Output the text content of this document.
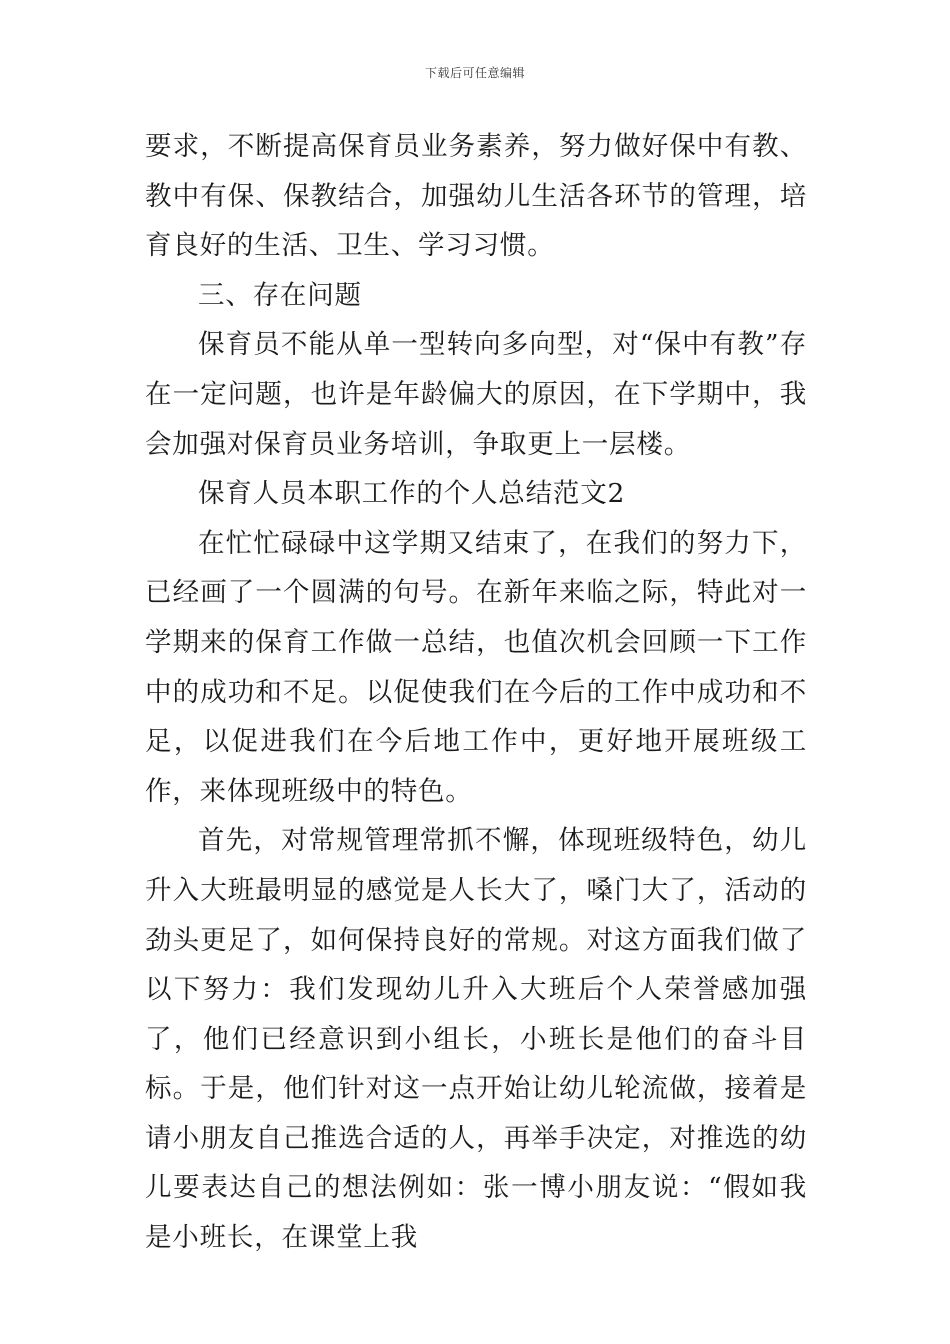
下载后可任意编辑

要求，不断提高保育员业务素养，努力做好保中有教、教中有保、保教结合，加强幼儿生活各环节的管理，培育良好的生活、卫生、学习习惯。

三、存在问题

保育员不能从单一型转向多向型，对“保中有教”存在一定问题，也许是年龄偏大的原因，在下学期中，我会加强对保育员业务培训，争取更上一层楼。

保育人员本职工作的个人总结范文2

在忙忙碌碌中这学期又结束了，在我们的努力下，已经画了一个圆满的句号。在新年来临之际，特此对一学期来的保育工作做一总结，也值次机会回顾一下工作中的成功和不足。以促使我们在今后的工作中成功和不足，以促进我们在今后地工作中，更好地开展班级工作，来体现班级中的特色。

首先，对常规管理常抓不懈，体现班级特色，幼儿升入大班最明显的感觉是人长大了，嗓门大了，活动的劲头更足了，如何保持良好的常规。对这方面我们做了以下努力：我们发现幼儿升入大班后个人荣誉感加强了，他们已经意识到小组长，小班长是他们的奋斗目标。于是，他们针对这一点开始让幼儿轮流做，接着是请小朋友自己推选合适的人，再举手决定，对推选的幼儿要表达自己的想法例如：张一博小朋友说：“假如我是小班长，在课堂上我
